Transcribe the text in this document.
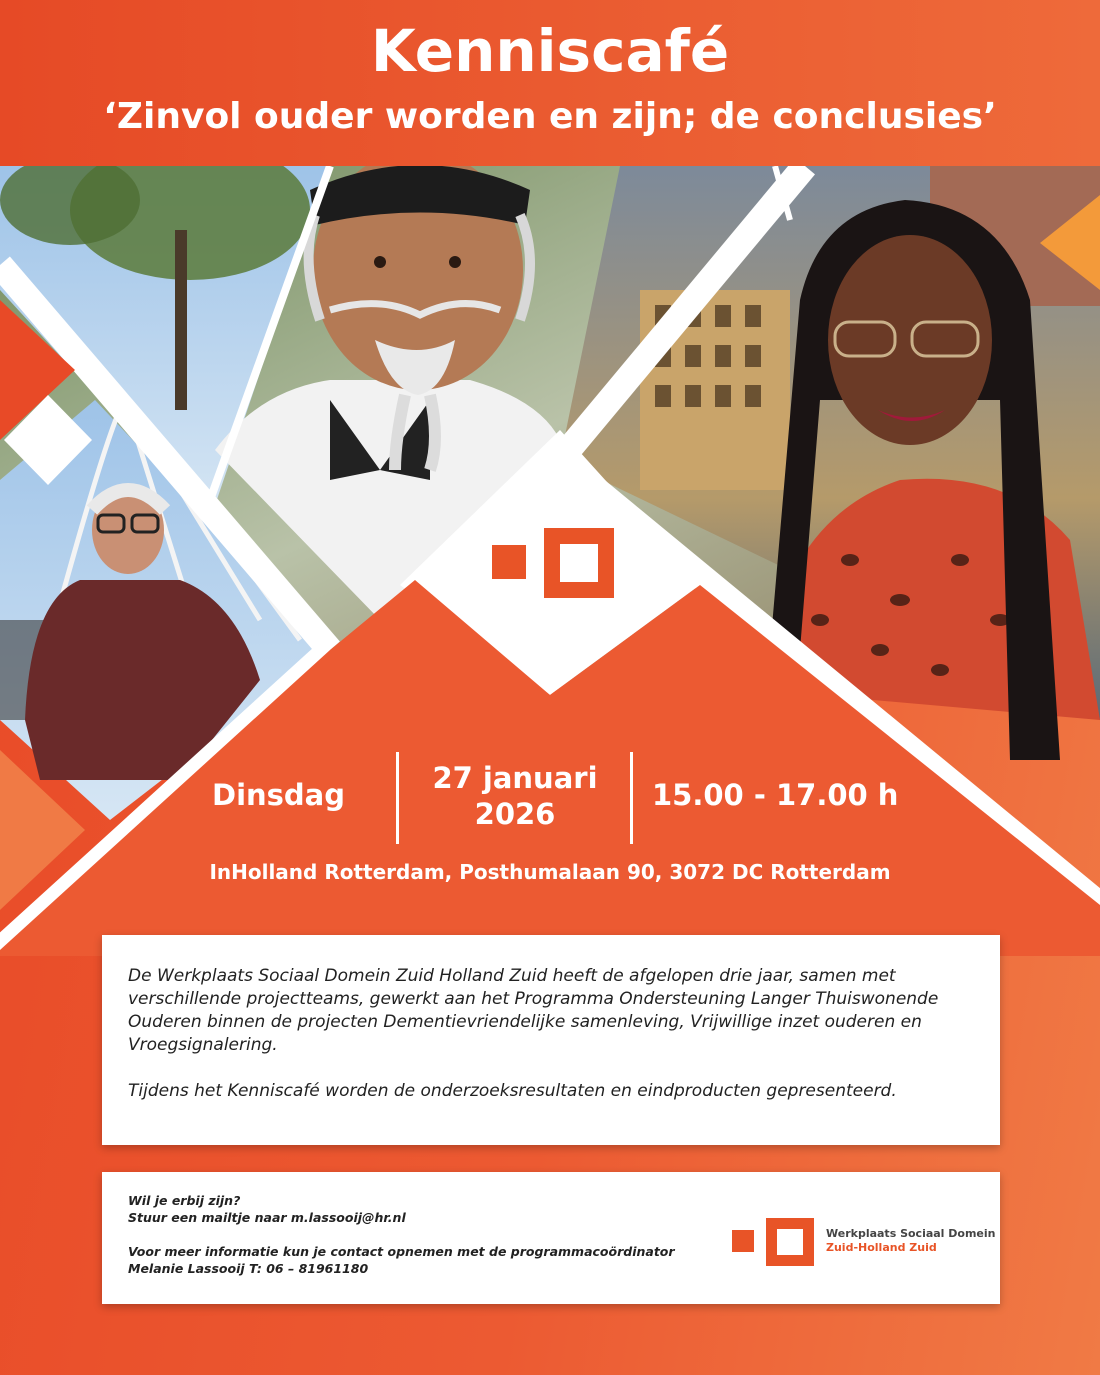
Kenniscafé
‘Zinvol ouder worden en zijn; de conclusies’
Dinsdag	27 januari
2026
15.00 - 17.00 h
InHolland Rotterdam, Posthumalaan 90, 3072 DC Rotterdam

De Werkplaats Sociaal Domein Zuid Holland Zuid heeft de afgelopen drie jaar, samen met verschillende projectteams, gewerkt aan het Programma Ondersteuning Langer Thuiswonende Ouderen binnen de projecten Dementievriendelijke samenleving, Vrijwillige inzet ouderen en Vroegsignalering.

Tijdens het Kenniscafé worden de onderzoeksresultaten en eindproducten gepresenteerd.

Wil je erbij zijn?
Stuur een mailtje naar m.lassooij@hr.nl
Voor meer informatie kun je contact opnemen met de programmacoördinator
Melanie Lassooij T: 06 – 81961180
Werkplaats Sociaal Domein
Zuid-Holland Zuid
